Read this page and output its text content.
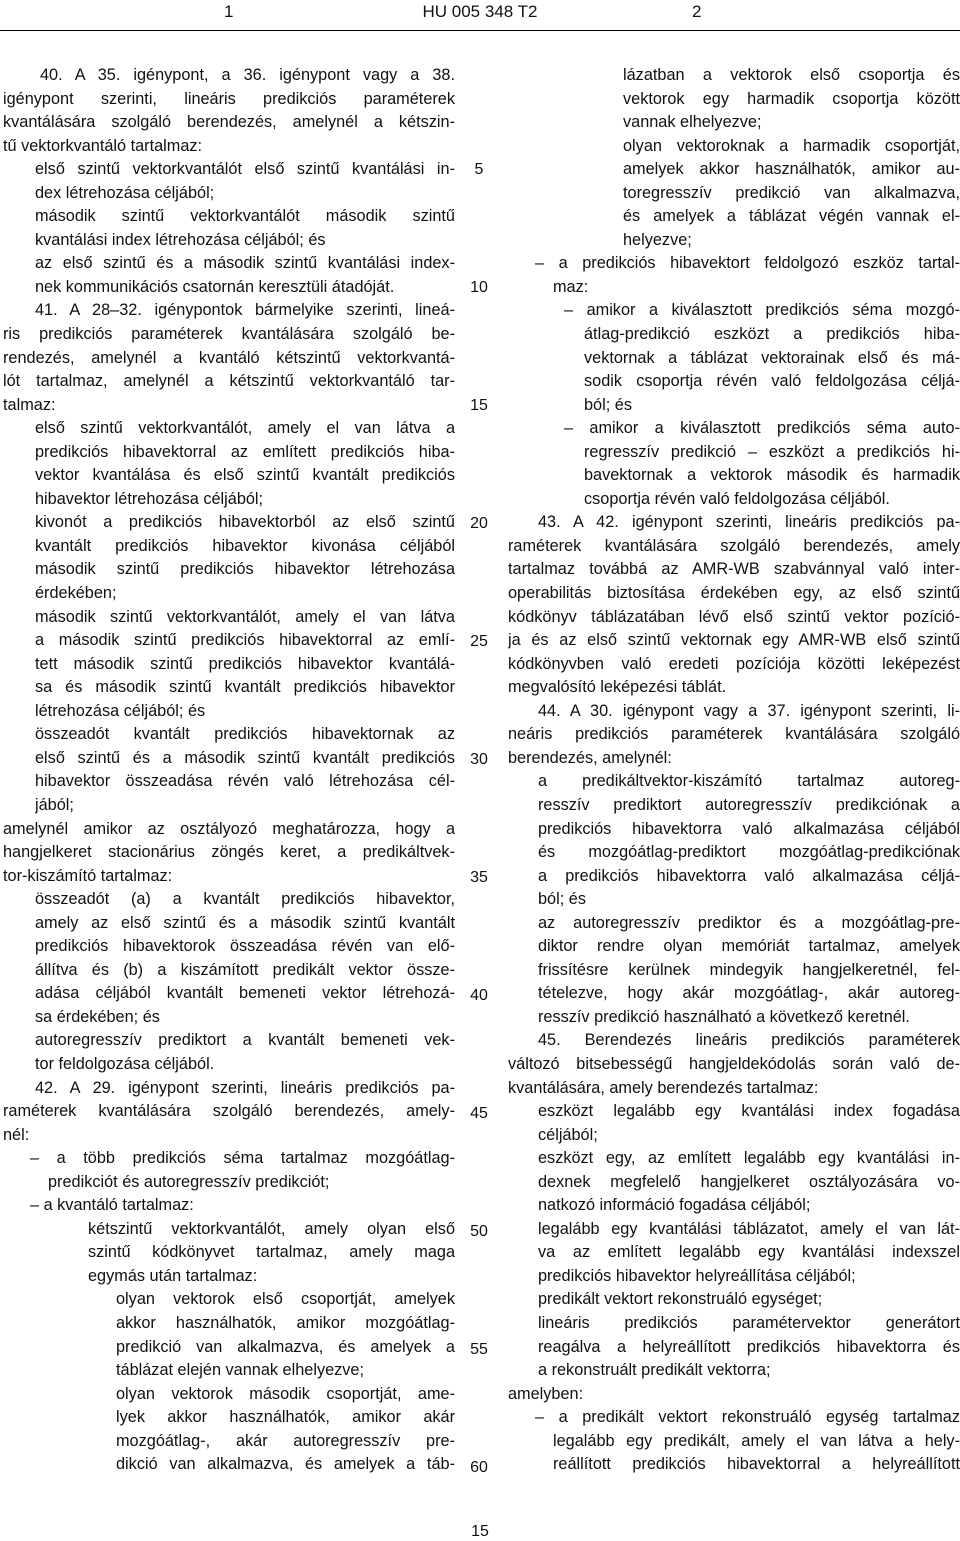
1	HU 005 348 T2	2
40. A 35. igénypont, a 36. igénypont vagy a 38.
igénypont szerinti, lineáris predikciós paraméterek
kvantálására szolgáló berendezés, amelynél a kétszin-
tű vektorkvantáló tartalmaz:
első szintű vektorkvantálót első szintű kvantálási in-
dex létrehozása céljából;
második szintű vektorkvantálót második szintű
kvantálási index létrehozása céljából; és
az első szintű és a második szintű kvantálási index-
nek kommunikációs csatornán keresztüli átadóját.
41. A 28–32. igénypontok bármelyike szerinti, lineá-
ris predikciós paraméterek kvantálására szolgáló be-
rendezés, amelynél a kvantáló kétszintű vektorkvantá-
lót tartalmaz, amelynél a kétszintű vektorkvantáló tar-
talmaz:
első szintű vektorkvantálót, amely el van látva a
predikciós hibavektorral az említett predikciós hiba-
vektor kvantálása és első szintű kvantált predikciós
hibavektor létrehozása céljából;
kivonót a predikciós hibavektorból az első szintű
kvantált predikciós hibavektor kivonása céljából
második szintű predikciós hibavektor létrehozása
érdekében;
második szintű vektorkvantálót, amely el van látva
a második szintű predikciós hibavektorral az emlí-
tett második szintű predikciós hibavektor kvantálá-
sa és második szintű kvantált predikciós hibavektor
létrehozása céljából; és
összeadót kvantált predikciós hibavektornak az
első szintű és a második szintű kvantált predikciós
hibavektor összeadása révén való létrehozása cél-
jából;
amelynél amikor az osztályozó meghatározza, hogy a
hangjelkeret stacionárius zöngés keret, a predikáltvek-
tor-kiszámító tartalmaz:
összeadót (a) a kvantált predikciós hibavektor,
amely az első szintű és a második szintű kvantált
predikciós hibavektorok összeadása révén van elő-
állítva és (b) a kiszámított predikált vektor össze-
adása céljából kvantált bemeneti vektor létrehozá-
sa érdekében; és
autoregresszív prediktort a kvantált bemeneti vek-
tor feldolgozása céljából.
42. A 29. igénypont szerinti, lineáris predikciós pa-
raméterek kvantálására szolgáló berendezés, amely-
nél:
– a több predikciós séma tartalmaz mozgóátlag-
predikciót és autoregresszív predikciót;
– a kvantáló tartalmaz:
kétszintű vektorkvantálót, amely olyan első
szintű kódkönyvet tartalmaz, amely maga
egymás után tartalmaz:
olyan vektorok első csoportját, amelyek
akkor használhatók, amikor mozgóátlag-
predikció van alkalmazva, és amelyek a
táblázat elején vannak elhelyezve;
olyan vektorok második csoportját, ame-
lyek akkor használhatók, amikor akár
mozgóátlag-, akár autoregresszív pre-
dikció van alkalmazva, és amelyek a táb-
lázatban a vektorok első csoportja és
vektorok egy harmadik csoportja között
vannak elhelyezve;
olyan vektoroknak a harmadik csoportját,
amelyek akkor használhatók, amikor au-
toregresszív predikció van alkalmazva,
és amelyek a táblázat végén vannak el-
helyezve;
– a predikciós hibavektort feldolgozó eszköz tartal-
maz:
– amikor a kiválasztott predikciós séma mozgó-
átlag-predikció eszközt a predikciós hiba-
vektornak a táblázat vektorainak első és má-
sodik csoportja révén való feldolgozása céljá-
ból; és
– amikor a kiválasztott predikciós séma auto-
regresszív predikció – eszközt a predikciós hi-
bavektornak a vektorok második és harmadik
csoportja révén való feldolgozása céljából.
43. A 42. igénypont szerinti, lineáris predikciós pa-
raméterek kvantálására szolgáló berendezés, amely
tartalmaz továbbá az AMR-WB szabvánnyal való inter-
operabilitás biztosítása érdekében egy, az első szintű
kódkönyv táblázatában lévő első szintű vektor pozíció-
ja és az első szintű vektornak egy AMR-WB első szintű
kódkönyvben való eredeti pozíciója közötti leképezést
megvalósító leképezési táblát.
44. A 30. igénypont vagy a 37. igénypont szerinti, li-
neáris predikciós paraméterek kvantálására szolgáló
berendezés, amelynél:
a predikáltvektor-kiszámító tartalmaz autoreg-
resszív prediktort autoregresszív predikciónak a
predikciós hibavektorra való alkalmazása céljából
és mozgóátlag-prediktort mozgóátlag-predikciónak
a predikciós hibavektorra való alkalmazása céljá-
ból; és
az autoregresszív prediktor és a mozgóátlag-pre-
diktor rendre olyan memóriát tartalmaz, amelyek
frissítésre kerülnek mindegyik hangjelkeretnél, fel-
tételezve, hogy akár mozgóátlag-, akár autoreg-
resszív predikció használható a következő keretnél.
45. Berendezés lineáris predikciós paraméterek
változó bitsebességű hangjeldekódolás során való de-
kvantálására, amely berendezés tartalmaz:
eszközt legalább egy kvantálási index fogadása
céljából;
eszközt egy, az említett legalább egy kvantálási in-
dexnek megfelelő hangjelkeret osztályozására vo-
natkozó információ fogadása céljából;
legalább egy kvantálási táblázatot, amely el van lát-
va az említett legalább egy kvantálási indexszel
predikciós hibavektor helyreállítása céljából;
predikált vektort rekonstruáló egységet;
lineáris predikciós paramétervektor generátort
reagálva a helyreállított predikciós hibavektorra és
a rekonstruált predikált vektorra;
amelyben:
– a predikált vektort rekonstruáló egység tartalmaz
legalább egy predikált, amely el van látva a hely-
reállított predikciós hibavektorral a helyreállított
5
10
15
20
25
30
35
40
45
50
55
60
15
